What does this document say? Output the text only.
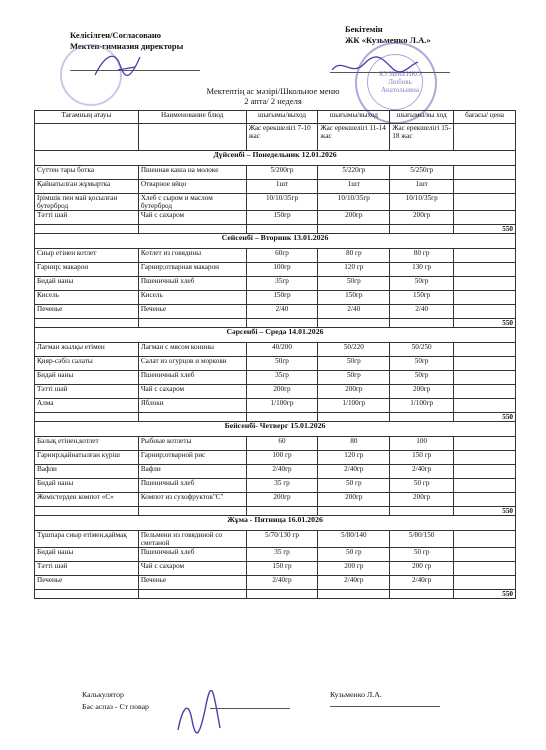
Келісілген/Согласовано
Мектеп-гимназия директоры
Бекітемін
ЖК «Кузьменко Л.А.»
КУЗЬМЕНКО Любовь Анатольевна
Мектептің ас мәзірі/Школьное меню
2 апта/ 2 неделя
Тағамның атауы	Наименование блюд	шығымы/выход	шығымы/выход	шығымы/вы ход	бағасы/ цена
		Жас ерекшелігі 7-10 жас	Жас ерекшелігі 11-14 жас	Жас ерекшелігі 15-18 жас	
Дүйсенбі – Понедельник 12.01.2026					
Сүттен тары ботка	Пшенная каша на молоке	5/200гр	5/220гр	5/250гр	
Қайнатылған жұмыртка	Отварное яйцо	1шт	1шт	1шт	
Ірімшік пен май қосылған бутерброд	Хлеб с сыром и маслом бутерброд	10/10/35гр	10/10/35гр	10/10/35гр	
Тәтті шай	Чай с сахаром	150гр	200гр	200гр	
					550
Сейсенбі – Вторник 13.01.2026					
Сиыр етінен котлет	Котлет из говядины	60гр	80 гр	80 гр	
Гарнир; макарон	Гарнир;отварная макарон	100гр	120 гр	130 гр	
Бидай наны	Пшеничный хлеб	35гр	50гр	50гр	
Кисель	Кисель	150гр	150гр	150гр	
Печенье	Печенье	2/40	2/40	2/40	
					550
Сәрсенбі – Среда 14.01.2026					
Лагман жылқы етімен	Лагман с мясом конины	40/200	50/220	50/250	
Қияр-сәбіз салаты	Салат из огурцов и моркови	50гр	50гр	50гр	
Бидай наны	Пшеничный хлеб	35гр	50гр	50гр	
Тәтті шәй	Чай с сахаром	200гр	200гр	200гр	
Алма	Яблоки	1/100гр	1/100гр	1/100гр	
					550
Бейсенбі- Четверг 15.01.2026					
Балық етінен,котлет	Рыбные котлеты	60	80	100	
Гарнир;қайнатылған күріш	Гарнир;отварной рис	100 гр	120 гр	150 гр	
Вафли	Вафли	2/40гр	2/40гр	2/40гр	
Бидай наны	Пшеничный хлеб	35 гр	50 гр	50 гр	
Жемістерден компот «С»	Компот из сухофруктов"С"	200гр	200гр	200гр	
					550
Жұма - Пятница 16.01.2026					
Тұшпара сиыр етімен,қаймақ	Пельмени из говядиной со сметаной	5/70/130 гр	5/80/140	5/80/150	
Бидай наны	Пшеничный хлеб	35 гр	50 гр	50 гр	
Тәтті шәй	Чай с сахаром	150 гр	200 гр	200 гр	
Печенье	Печенье	2/40гр	2/40гр	2/40гр	
					550
Калькулятор
Бас аспаз - Ст повар
Кузьменко Л.А.
